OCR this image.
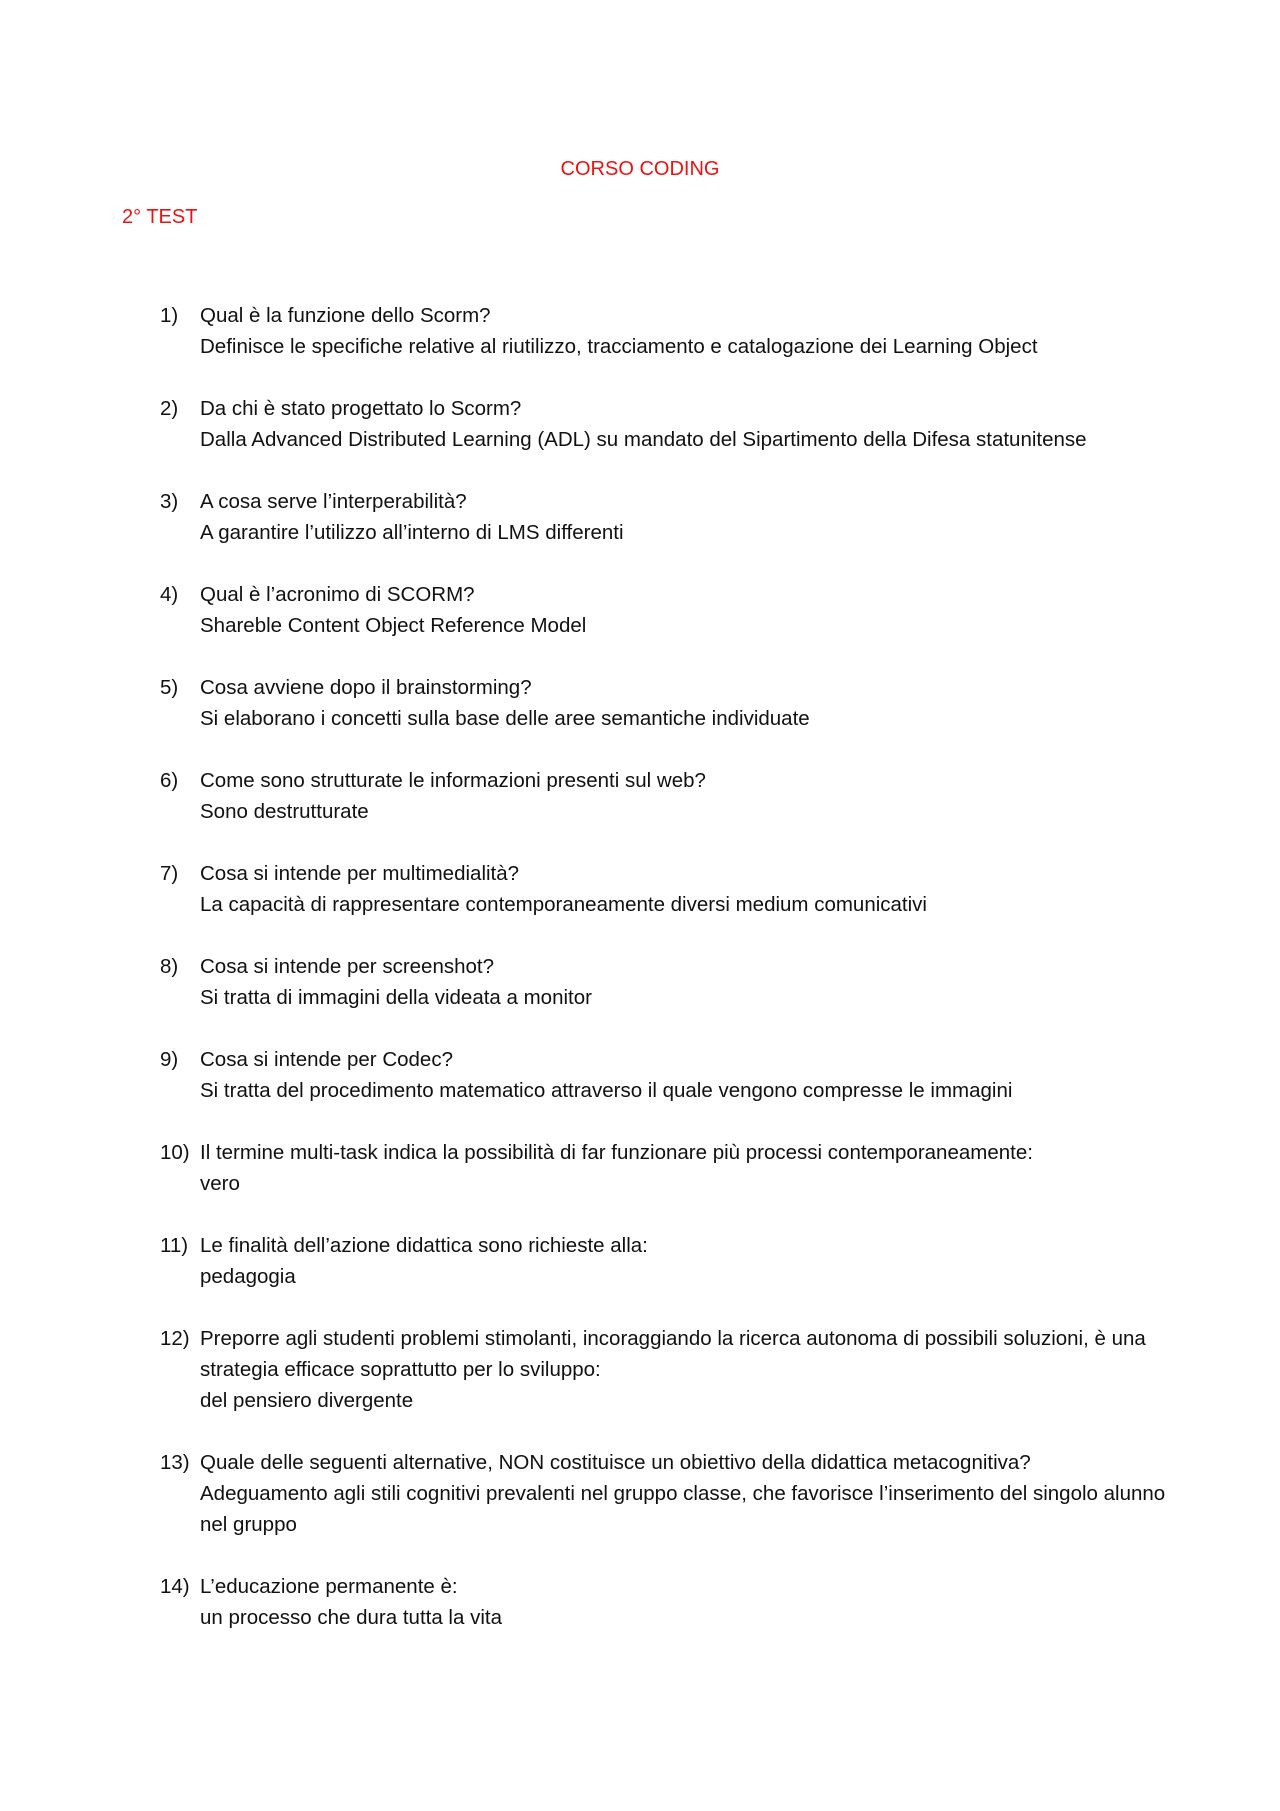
CORSO CODING
2° TEST
1)	Qual è la funzione dello Scorm?
Definisce le specifiche relative al riutilizzo, tracciamento e catalogazione dei Learning Object
2)	Da chi è stato progettato lo Scorm?
Dalla Advanced Distributed Learning (ADL) su mandato del Sipartimento della Difesa statunitense
3)	A cosa serve l’interperabilità?
A garantire l’utilizzo all’interno di LMS differenti
4)	Qual è l’acronimo di SCORM?
Shareble Content Object Reference Model
5)	Cosa avviene dopo il brainstorming?
Si elaborano i concetti sulla base delle aree semantiche individuate
6)	Come sono strutturate le informazioni presenti sul web?
Sono destrutturate
7)	Cosa si intende per multimedialità?
La capacità di rappresentare contemporaneamente diversi medium comunicativi
8)	Cosa si intende per screenshot?
Si tratta di immagini della videata a monitor
9)	Cosa si intende per Codec?
Si tratta del procedimento matematico attraverso il quale vengono compresse le immagini
10) Il termine multi-task indica la possibilità di far funzionare più processi contemporaneamente:
vero
11) Le finalità dell’azione didattica sono richieste alla:
pedagogia
12) Preporre agli studenti problemi stimolanti, incoraggiando la ricerca autonoma di possibili soluzioni, è una strategia efficace soprattutto per lo sviluppo:
del pensiero divergente
13) Quale delle seguenti alternative, NON costituisce un obiettivo della didattica metacognitiva?
Adeguamento agli stili cognitivi prevalenti nel gruppo classe, che favorisce l’inserimento del singolo alunno nel gruppo
14) L’educazione permanente è:
un processo che dura tutta la vita
